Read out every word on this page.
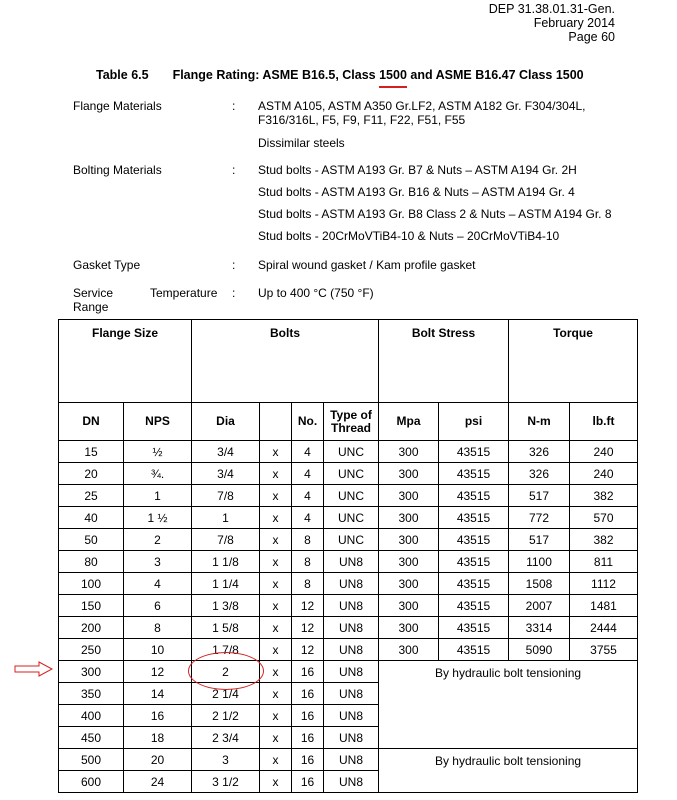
DEP 31.38.01.31-Gen.
February 2014
Page 60
Table 6.5 Flange Rating: ASME B16.5, Class 1500 and ASME B16.47 Class 1500
Flange Materials	: ASTM A105, ASTM A350 Gr.LF2, ASTM A182 Gr. F304/304L,
F316/316L, F5, F9, F11, F22, F51, F55
Dissimilar steels
Bolting Materials	: Stud bolts - ASTM A193 Gr. B7 & Nuts – ASTM A194 Gr. 2H
Stud bolts - ASTM A193 Gr. B16 & Nuts – ASTM A194 Gr. 4
Stud bolts - ASTM A193 Gr. B8 Class 2 & Nuts – ASTM A194 Gr. 8
Stud bolts - 20CrMoVTiB4-10 & Nuts – 20CrMoVTiB4-10
Gasket Type	: Spiral wound gasket / Kam profile gasket
Service	Temperature
Range
: Up to 400 °C (750 °F)
Flange Size		Bolts				Bolt Stress		Torque	
DN	NPS	Dia		No.	Type of
Thread	Mpa	psi	N-m	lb.ft
15	½	3/4	x	4	UNC	300	43515	326	240
20	¾.	3/4	x	4	UNC	300	43515	326	240
25	1	7/8	x	4	UNC	300	43515	517	382
40	1 ½	1	x	4	UNC	300	43515	772	570
50	2	7/8	x	8	UNC	300	43515	517	382
80	3	1 1/8	x	8	UN8	300	43515	1100	811
100	4	1 1/4	x	8	UN8	300	43515	1508	1112
150	6	1 3/8	x	12	UN8	300	43515	2007	1481
200	8	1 5/8	x	12	UN8	300	43515	3314	2444
250	10	1 7/8	x	12	UN8	300	43515	5090	3755
300	12	2	x	16	UN8	By hydraulic bolt tensioning			
350	14	2 1/4	x	16	UN8				
400	16	2 1/2	x	16	UN8				
450	18	2 3/4	x	16	UN8				
500	20	3	x	16	UN8	By hydraulic bolt tensioning			
600	24	3 1/2	x	16	UN8				
